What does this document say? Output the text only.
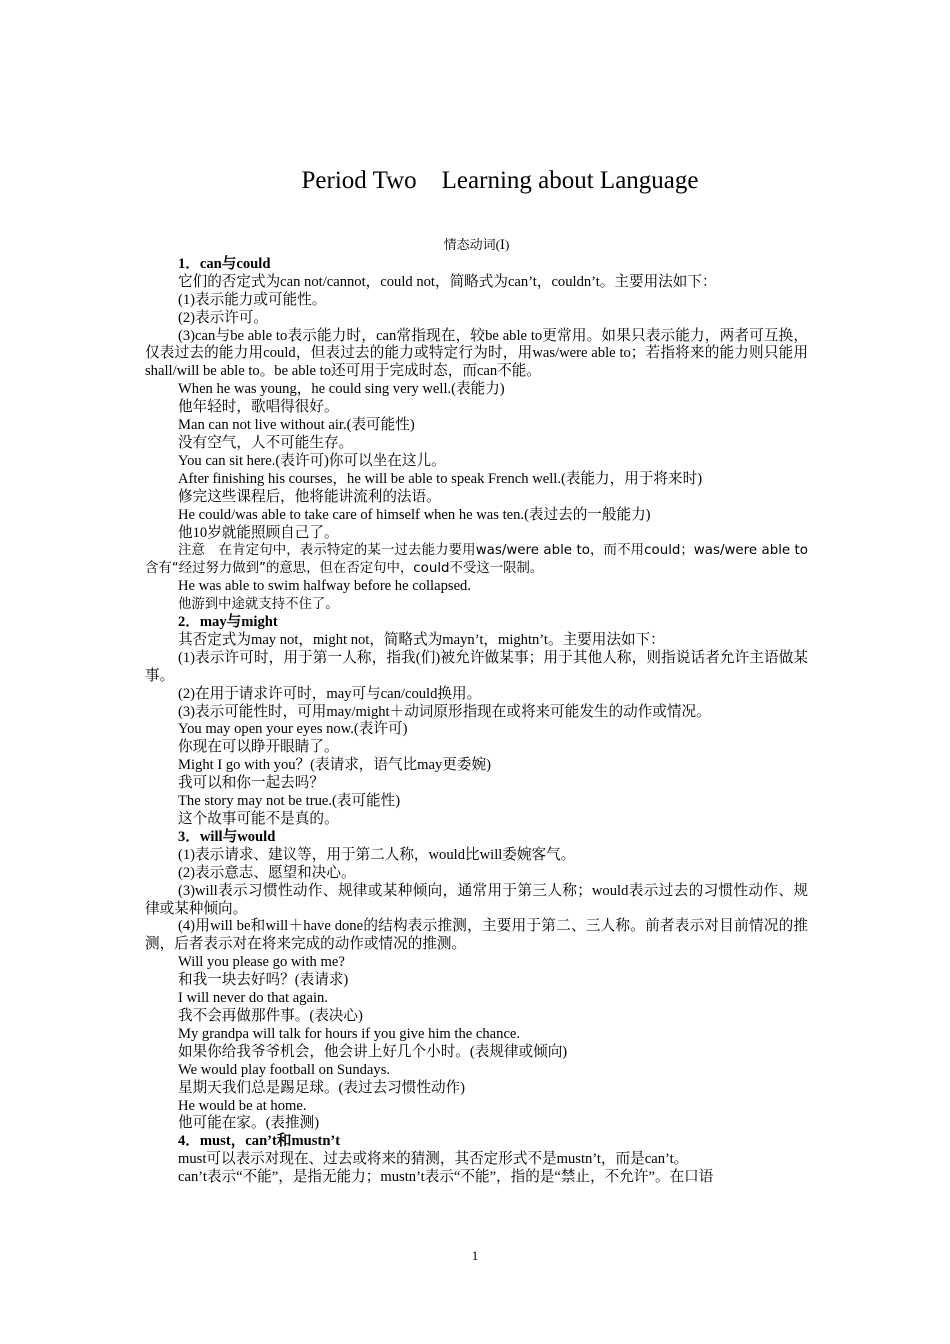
Period Two　Learning about Language

情态动词(Ⅰ)

1．can与could

它们的否定式为can not/cannot，could not，简略式为can’t，couldn’t。主要用法如下：

(1)表示能力或可能性。

(2)表示许可。

(3)can与be able to表示能力时，can常指现在，较be able to更常用。如果只表示能力，两者可互换，仅表过去的能力用could，但表过去的能力或特定行为时，用was/were able to；若指将来的能力则只能用shall/will be able to。be able to还可用于完成时态，而can不能。

When he was young，he could sing very well.(表能力)

他年轻时，歌唱得很好。

Man can not live without air.(表可能性)

没有空气，人不可能生存。

You can sit here.(表许可)你可以坐在这儿。

After finishing his courses，he will be able to speak French well.(表能力，用于将来时)

修完这些课程后，他将能讲流利的法语。

He could/was able to take care of himself when he was ten.(表过去的一般能力)

他10岁就能照顾自己了。

注意　在肯定句中，表示特定的某一过去能力要用was/were able to，而不用could；was/were able to含有“经过努力做到”的意思，但在否定句中，could不受这一限制。

He was able to swim halfway before he collapsed.

他游到中途就支持不住了。

2．may与might

其否定式为may not，might not，简略式为mayn’t，mightn’t。主要用法如下：

(1)表示许可时，用于第一人称，指我(们)被允许做某事；用于其他人称，则指说话者允许主语做某事。

(2)在用于请求许可时，may可与can/could换用。

(3)表示可能性时，可用may/might＋动词原形指现在或将来可能发生的动作或情况。

You may open your eyes now.(表许可)

你现在可以睁开眼睛了。

Might I go with you？(表请求，语气比may更委婉)

我可以和你一起去吗？

The story may not be true.(表可能性)

这个故事可能不是真的。

3．will与would

(1)表示请求、建议等，用于第二人称，would比will委婉客气。

(2)表示意志、愿望和决心。

(3)will表示习惯性动作、规律或某种倾向，通常用于第三人称；would表示过去的习惯性动作、规律或某种倾向。

(4)用will be和will＋have done的结构表示推测，主要用于第二、三人称。前者表示对目前情况的推测，后者表示对在将来完成的动作或情况的推测。

Will you please go with me?

和我一块去好吗？(表请求)

I will never do that again.

我不会再做那件事。(表决心)

My grandpa will talk for hours if you give him the chance.

如果你给我爷爷机会，他会讲上好几个小时。(表规律或倾向)

We would play football on Sundays.

星期天我们总是踢足球。(表过去习惯性动作)

He would be at home.

他可能在家。(表推测)

4．must，can’t和mustn’t

must可以表示对现在、过去或将来的猜测，其否定形式不是mustn’t，而是can’t。

can’t表示“不能”，是指无能力；mustn’t表示“不能”，指的是“禁止，不允许”。在口语

1
